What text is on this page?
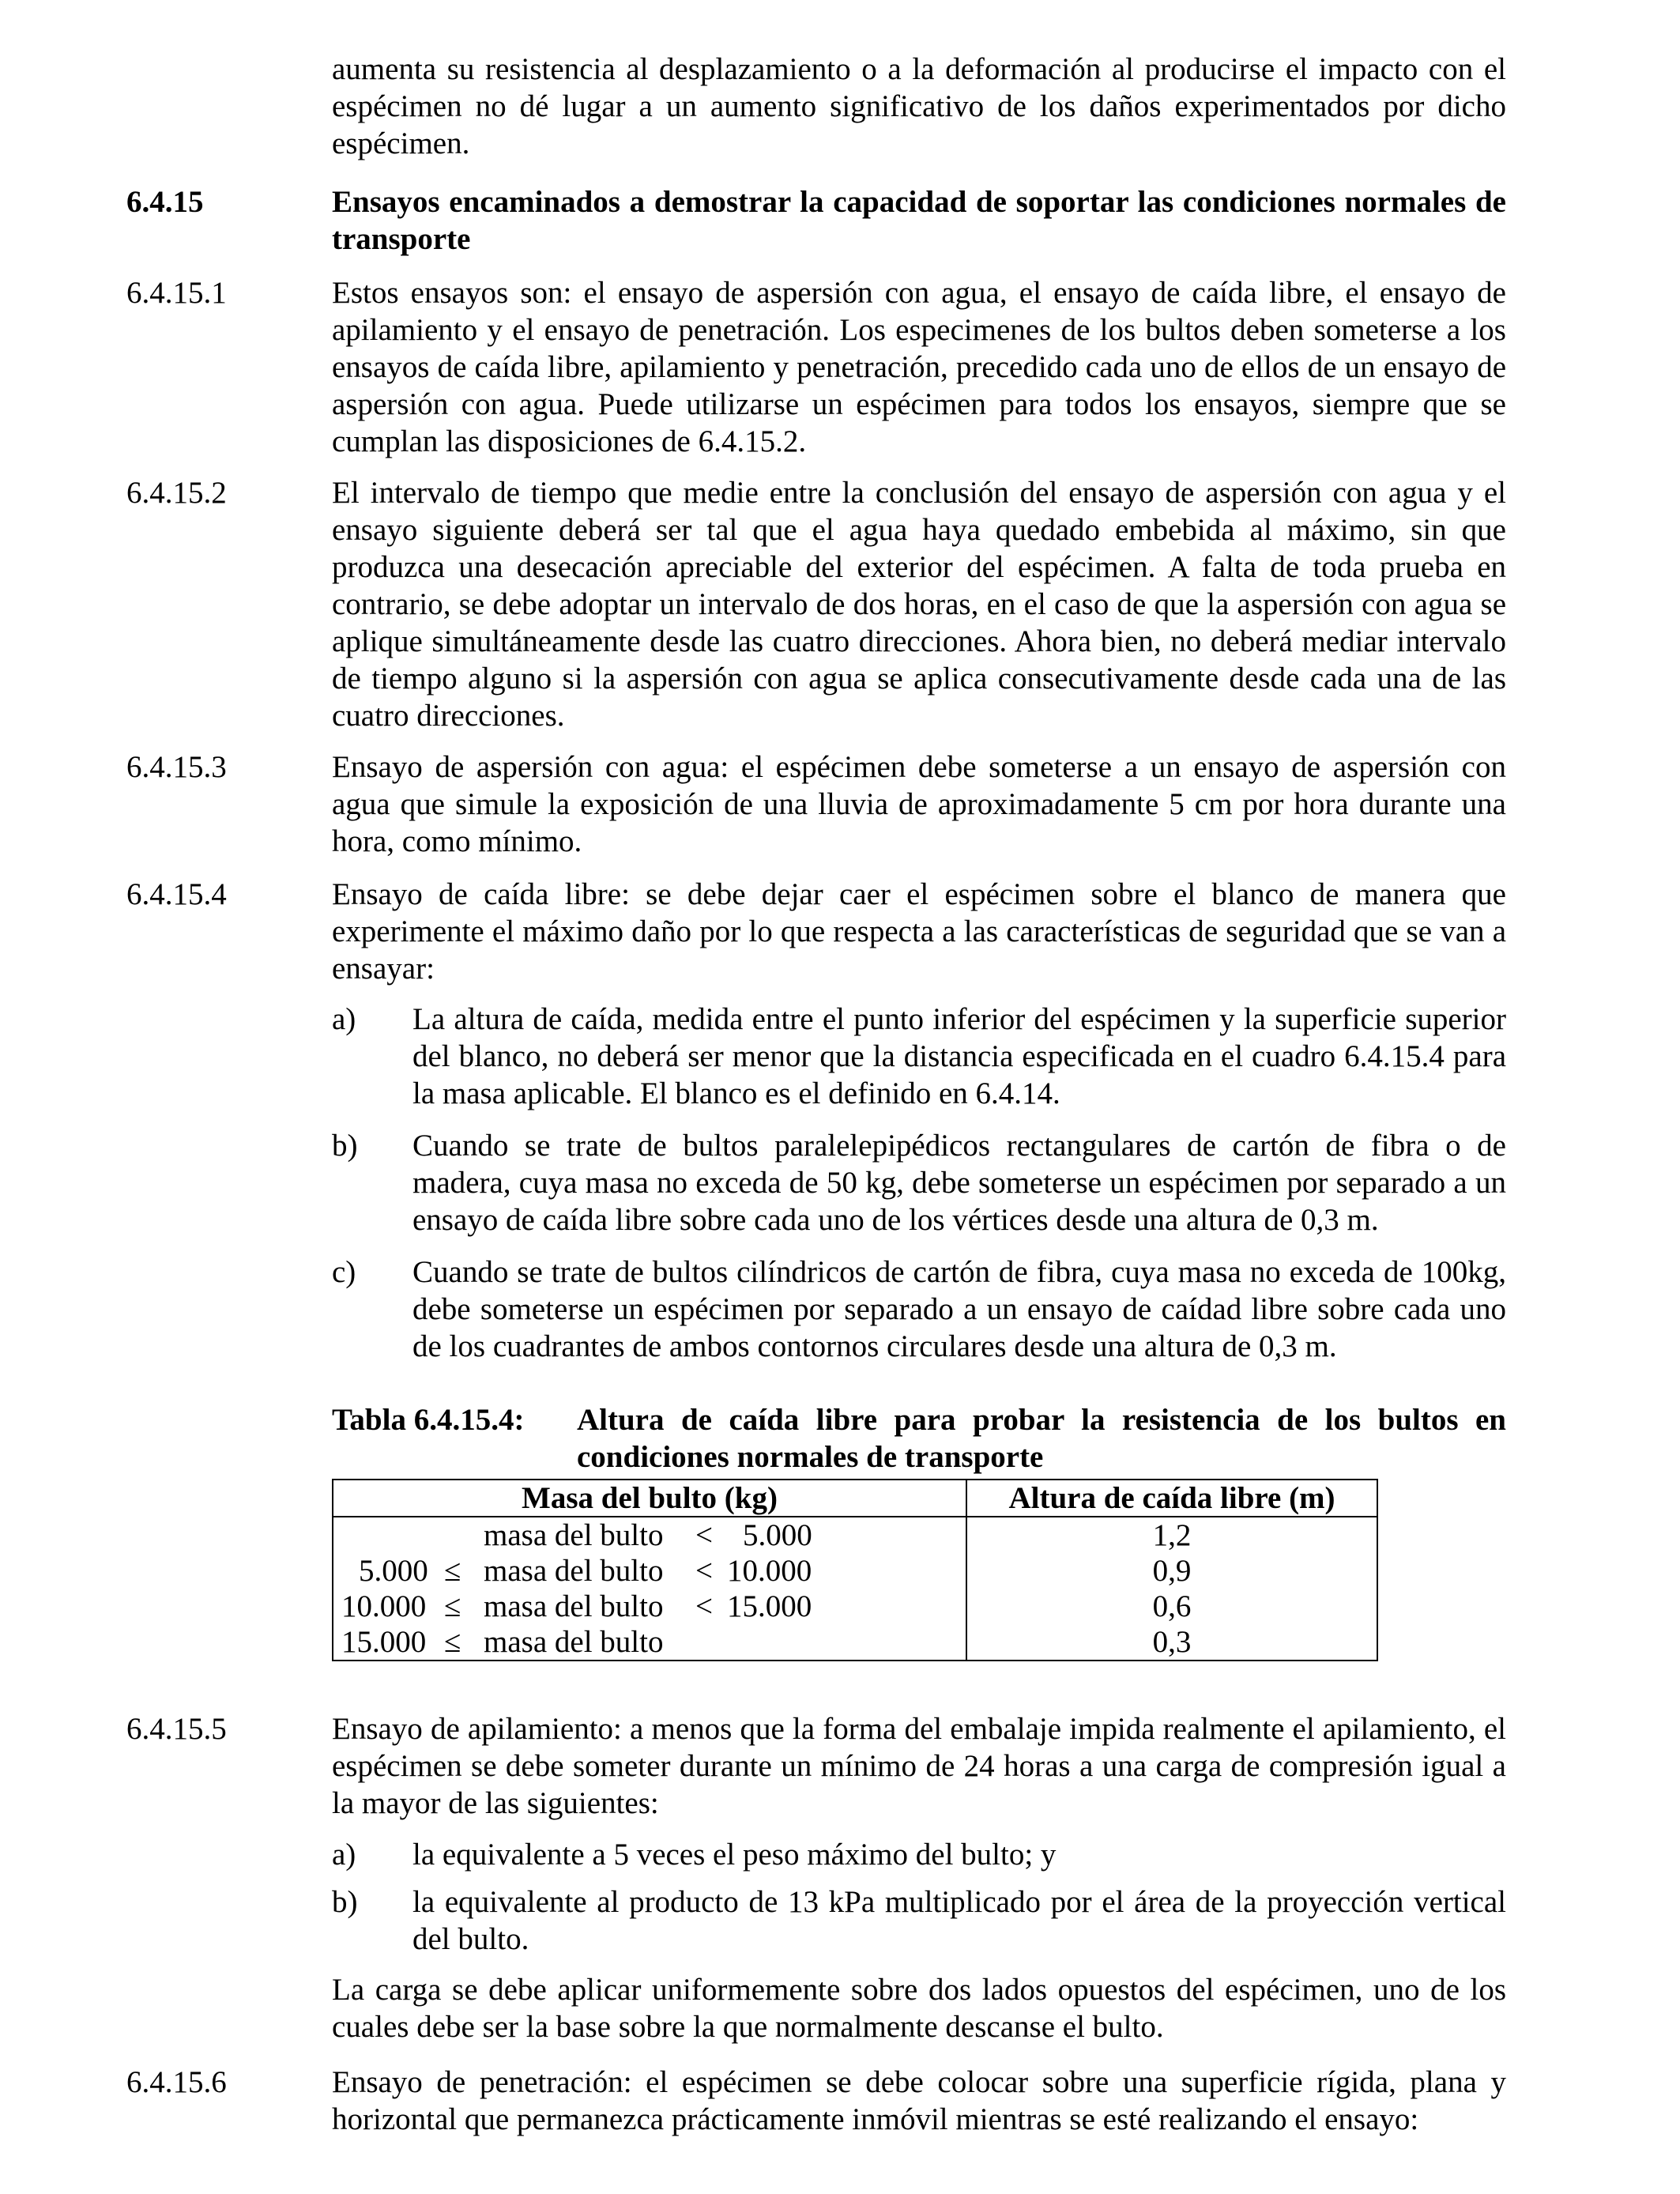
aumenta su resistencia al desplazamiento o a la deformación al producirse el impacto con el espécimen no dé lugar a un aumento significativo de los daños experimentados por dicho espécimen.
6.4.15	Ensayos encaminados a demostrar la capacidad de soportar las condiciones normales de transporte
6.4.15.1	Estos ensayos son: el ensayo de aspersión con agua, el ensayo de caída libre, el ensayo de apilamiento y el ensayo de penetración. Los especimenes de los bultos deben someterse a los ensayos de caída libre, apilamiento y penetración, precedido cada uno de ellos de un ensayo de aspersión con agua. Puede utilizarse un espécimen para todos los ensayos, siempre que se cumplan las disposiciones de 6.4.15.2.
6.4.15.2	El intervalo de tiempo que medie entre la conclusión del ensayo de aspersión con agua y el ensayo siguiente deberá ser tal que el agua haya quedado embebida al máximo, sin que produzca una desecación apreciable del exterior del espécimen. A falta de toda prueba en contrario, se debe adoptar un intervalo de dos horas, en el caso de que la aspersión con agua se aplique simultáneamente desde las cuatro direcciones. Ahora bien, no deberá mediar intervalo de tiempo alguno si la aspersión con agua se aplica consecutivamente desde cada una de las cuatro direcciones.
6.4.15.3	Ensayo de aspersión con agua: el espécimen debe someterse a un ensayo de aspersión con agua que simule la exposición de una lluvia de aproximadamente 5 cm por hora durante una hora, como mínimo.
6.4.15.4	Ensayo de caída libre: se debe dejar caer el espécimen sobre el blanco de manera que experimente el máximo daño por lo que respecta a las características de seguridad que se van a ensayar:
a) La altura de caída, medida entre el punto inferior del espécimen y la superficie superior del blanco, no deberá ser menor que la distancia especificada en el cuadro 6.4.15.4 para la masa aplicable. El blanco es el definido en 6.4.14.
b) Cuando se trate de bultos paralelepipédicos rectangulares de cartón de fibra o de madera, cuya masa no exceda de 50 kg, debe someterse un espécimen por separado a un ensayo de caída libre sobre cada uno de los vértices desde una altura de 0,3 m.
c) Cuando se trate de bultos cilíndricos de cartón de fibra, cuya masa no exceda de 100kg, debe someterse un espécimen por separado a un ensayo de caídad libre sobre cada uno de los cuadrantes de ambos contornos circulares desde una altura de 0,3 m.
Tabla 6.4.15.4: Altura de caída libre para probar la resistencia de los bultos en condiciones normales de transporte
Masa del bulto (kg)	Altura de caída libre (m)

masa del bulto < 5.000	1,2

5.000 ≤ masa del bulto < 10.000	0,9

10.000 ≤ masa del bulto < 15.000	0,6

15.000 ≤ masa del bulto	0,3
6.4.15.5	Ensayo de apilamiento: a menos que la forma del embalaje impida realmente el apilamiento, el espécimen se debe someter durante un mínimo de 24 horas a una carga de compresión igual a la mayor de las siguientes:
a) la equivalente a 5 veces el peso máximo del bulto; y
b) la equivalente al producto de 13 kPa multiplicado por el área de la proyección vertical del bulto.
La carga se debe aplicar uniformemente sobre dos lados opuestos del espécimen, uno de los cuales debe ser la base sobre la que normalmente descanse el bulto.
6.4.15.6	Ensayo de penetración: el espécimen se debe colocar sobre una superficie rígida, plana y horizontal que permanezca prácticamente inmóvil mientras se esté realizando el ensayo:
